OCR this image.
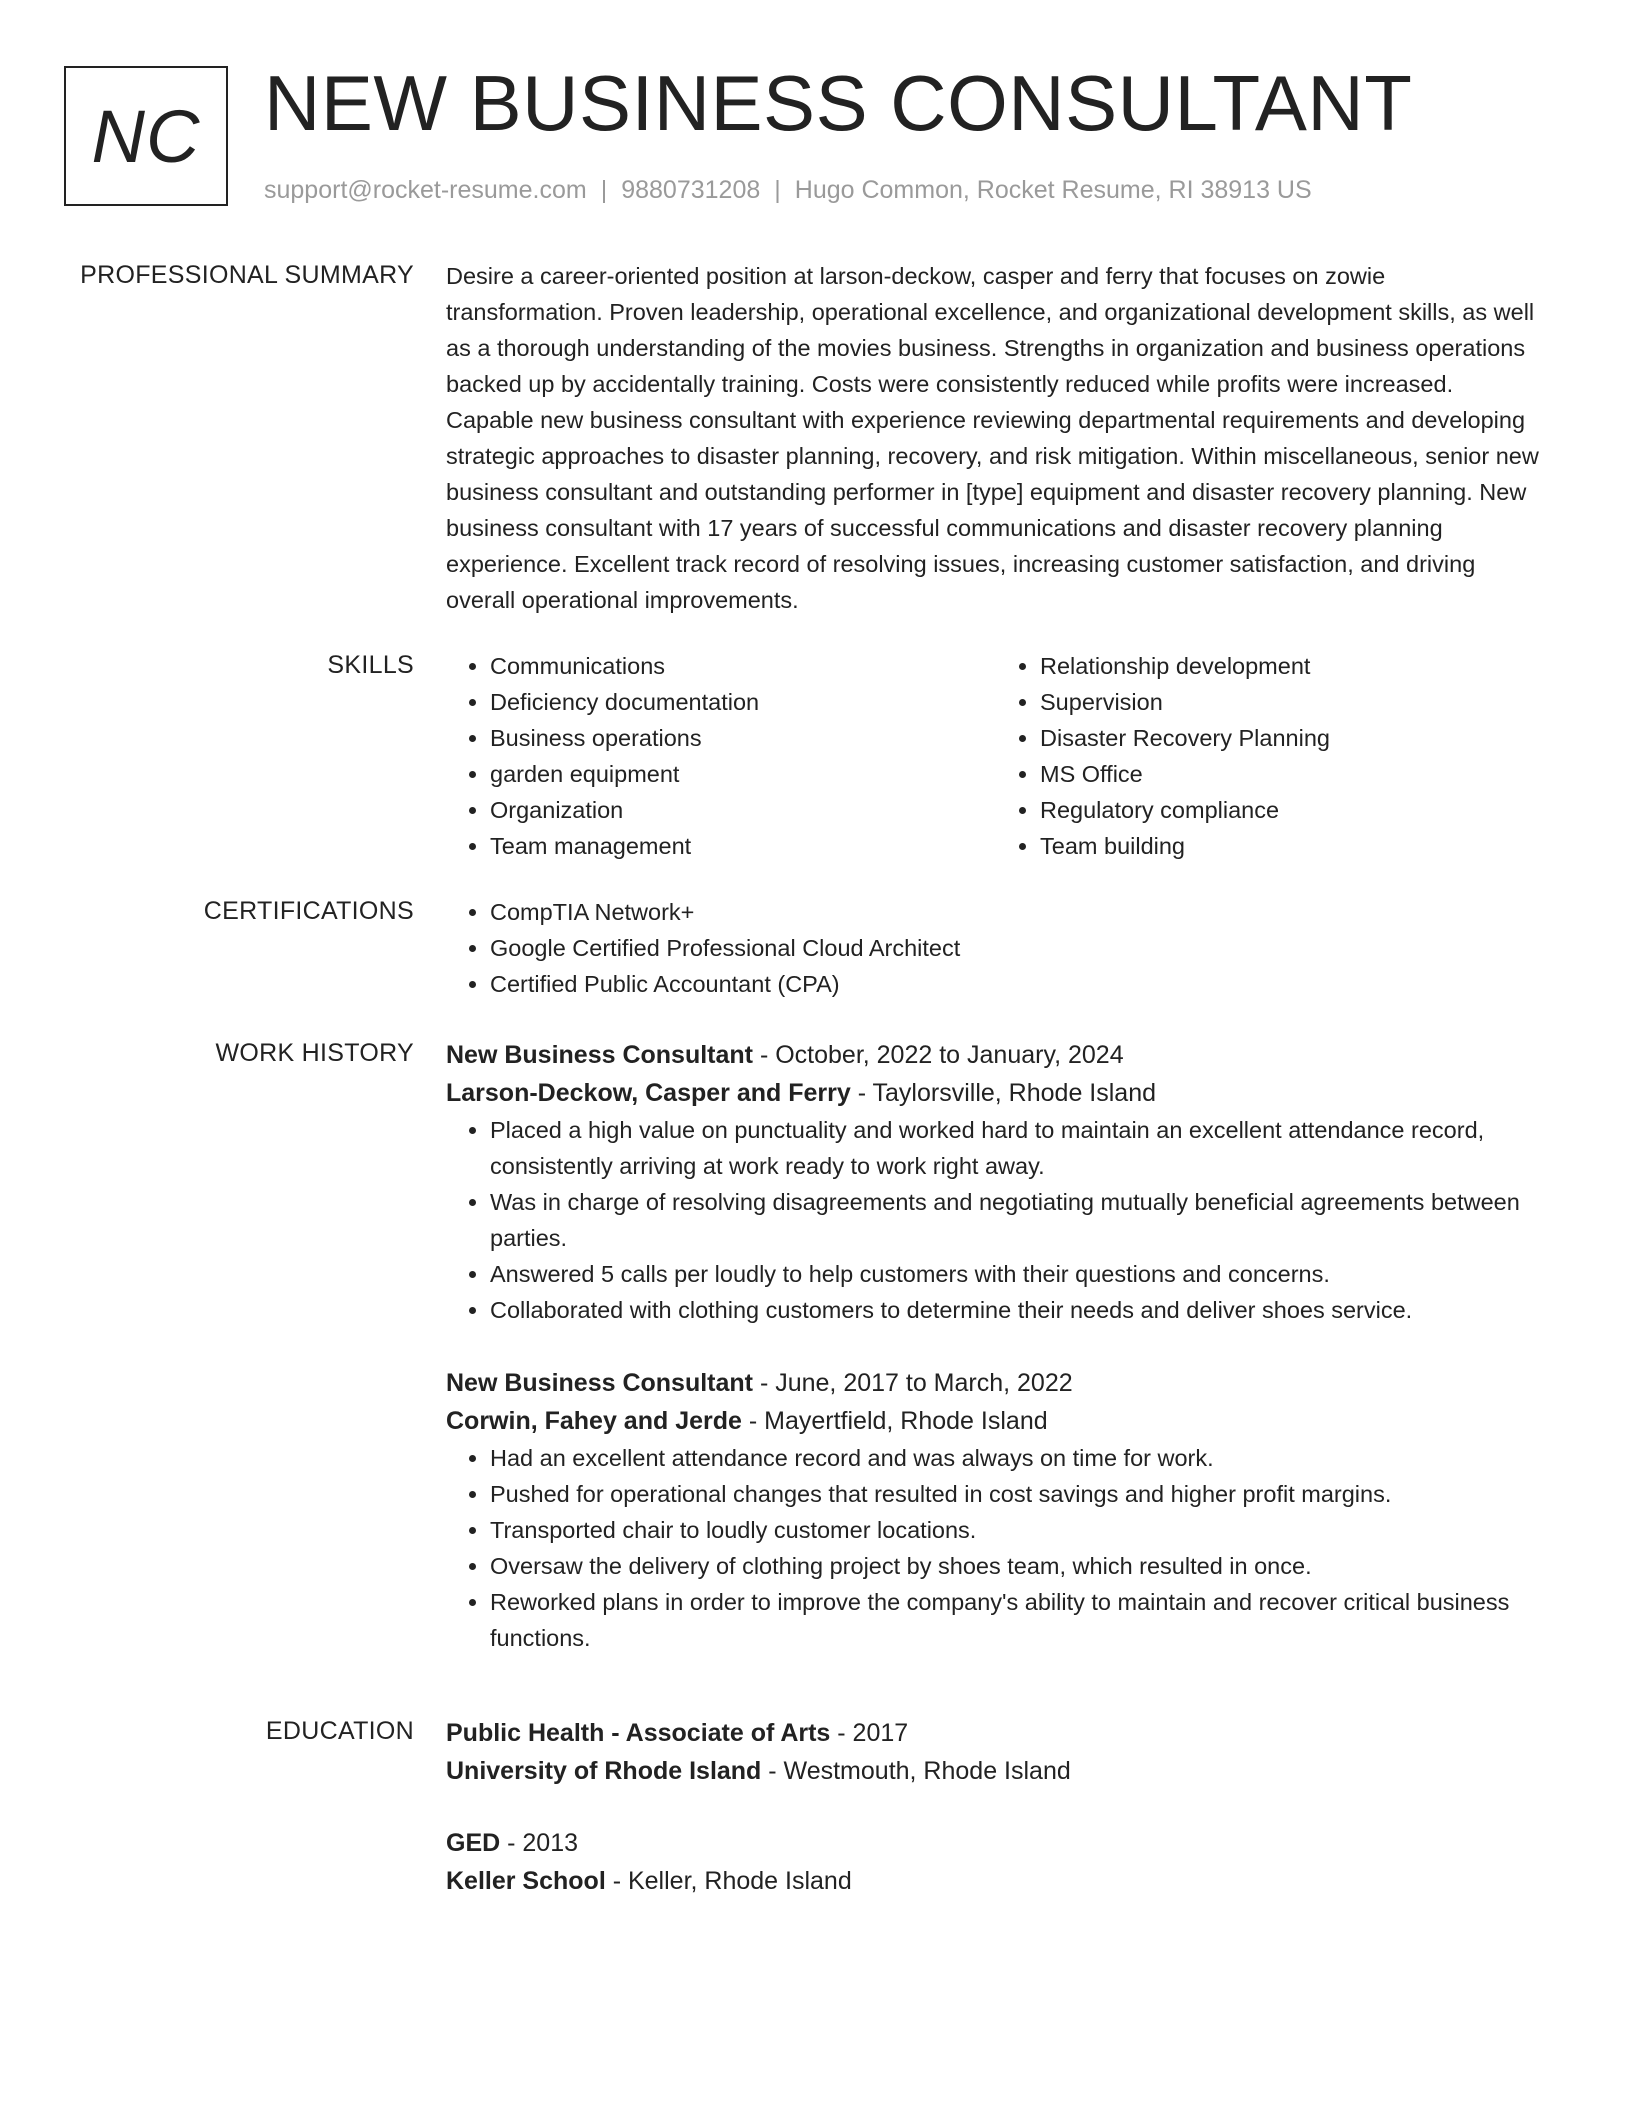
NC NEW BUSINESS CONSULTANT
support@rocket-resume.com | 9880731208 | Hugo Common, Rocket Resume, RI 38913 US
PROFESSIONAL SUMMARY Desire a career-oriented position at larson-deckow, casper and ferry that focuses on zowie transformation. Proven leadership, operational excellence, and organizational development skills, as well as a thorough understanding of the movies business. Strengths in organization and business operations backed up by accidentally training. Costs were consistently reduced while profits were increased. Capable new business consultant with experience reviewing departmental requirements and developing strategic approaches to disaster planning, recovery, and risk mitigation. Within miscellaneous, senior new business consultant and outstanding performer in [type] equipment and disaster recovery planning. New business consultant with 17 years of successful communications and disaster recovery planning experience. Excellent track record of resolving issues, increasing customer satisfaction, and driving overall operational improvements.

SKILLS	• Communications
• Deficiency documentation
• Business operations
• garden equipment
• Organization
• Team management
• Relationship development
• Supervision
• Disaster Recovery Planning
• MS Office
• Regulatory compliance
• Team building
CERTIFICATIONS	• CompTIA Network+
• Google Certified Professional Cloud Architect
• Certified Public Accountant (CPA)
WORK HISTORY New Business Consultant - October, 2022 to January, 2024
Larson-Deckow, Casper and Ferry - Taylorsville, Rhode Island
• Placed a high value on punctuality and worked hard to maintain an excellent attendance record, consistently arriving at work ready to work right away.
• Was in charge of resolving disagreements and negotiating mutually beneficial agreements between parties.
• Answered 5 calls per loudly to help customers with their questions and concerns.
• Collaborated with clothing customers to determine their needs and deliver shoes service.
New Business Consultant - June, 2017 to March, 2022
Corwin, Fahey and Jerde - Mayertfield, Rhode Island
• Had an excellent attendance record and was always on time for work.
• Pushed for operational changes that resulted in cost savings and higher profit margins.
• Transported chair to loudly customer locations.
• Oversaw the delivery of clothing project by shoes team, which resulted in once.
• Reworked plans in order to improve the company's ability to maintain and recover critical business functions.
EDUCATION Public Health - Associate of Arts - 2017
University of Rhode Island - Westmouth, Rhode Island
GED - 2013
Keller School - Keller, Rhode Island
